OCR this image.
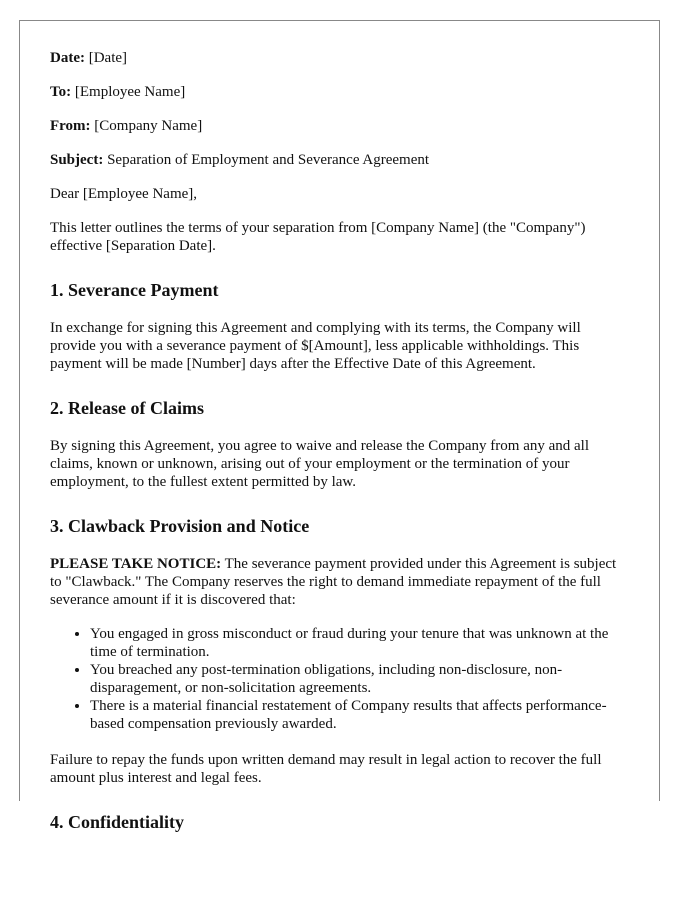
Date: [Date]

To: [Employee Name]

From: [Company Name]

Subject: Separation of Employment and Severance Agreement

Dear [Employee Name],

This letter outlines the terms of your separation from [Company Name] (the "Company") effective [Separation Date].

1. Severance Payment

In exchange for signing this Agreement and complying with its terms, the Company will provide you with a severance payment of $[Amount], less applicable withholdings. This payment will be made [Number] days after the Effective Date of this Agreement.

2. Release of Claims

By signing this Agreement, you agree to waive and release the Company from any and all claims, known or unknown, arising out of your employment or the termination of your employment, to the fullest extent permitted by law.

3. Clawback Provision and Notice

PLEASE TAKE NOTICE: The severance payment provided under this Agreement is subject to "Clawback." The Company reserves the right to demand immediate repayment of the full severance amount if it is discovered that:

• You engaged in gross misconduct or fraud during your tenure that was unknown at the time of termination.
• You breached any post-termination obligations, including non-disclosure, non-disparagement, or non-solicitation agreements.
• There is a material financial restatement of Company results that affects performance-based compensation previously awarded.

Failure to repay the funds upon written demand may result in legal action to recover the full amount plus interest and legal fees.

4. Confidentiality
